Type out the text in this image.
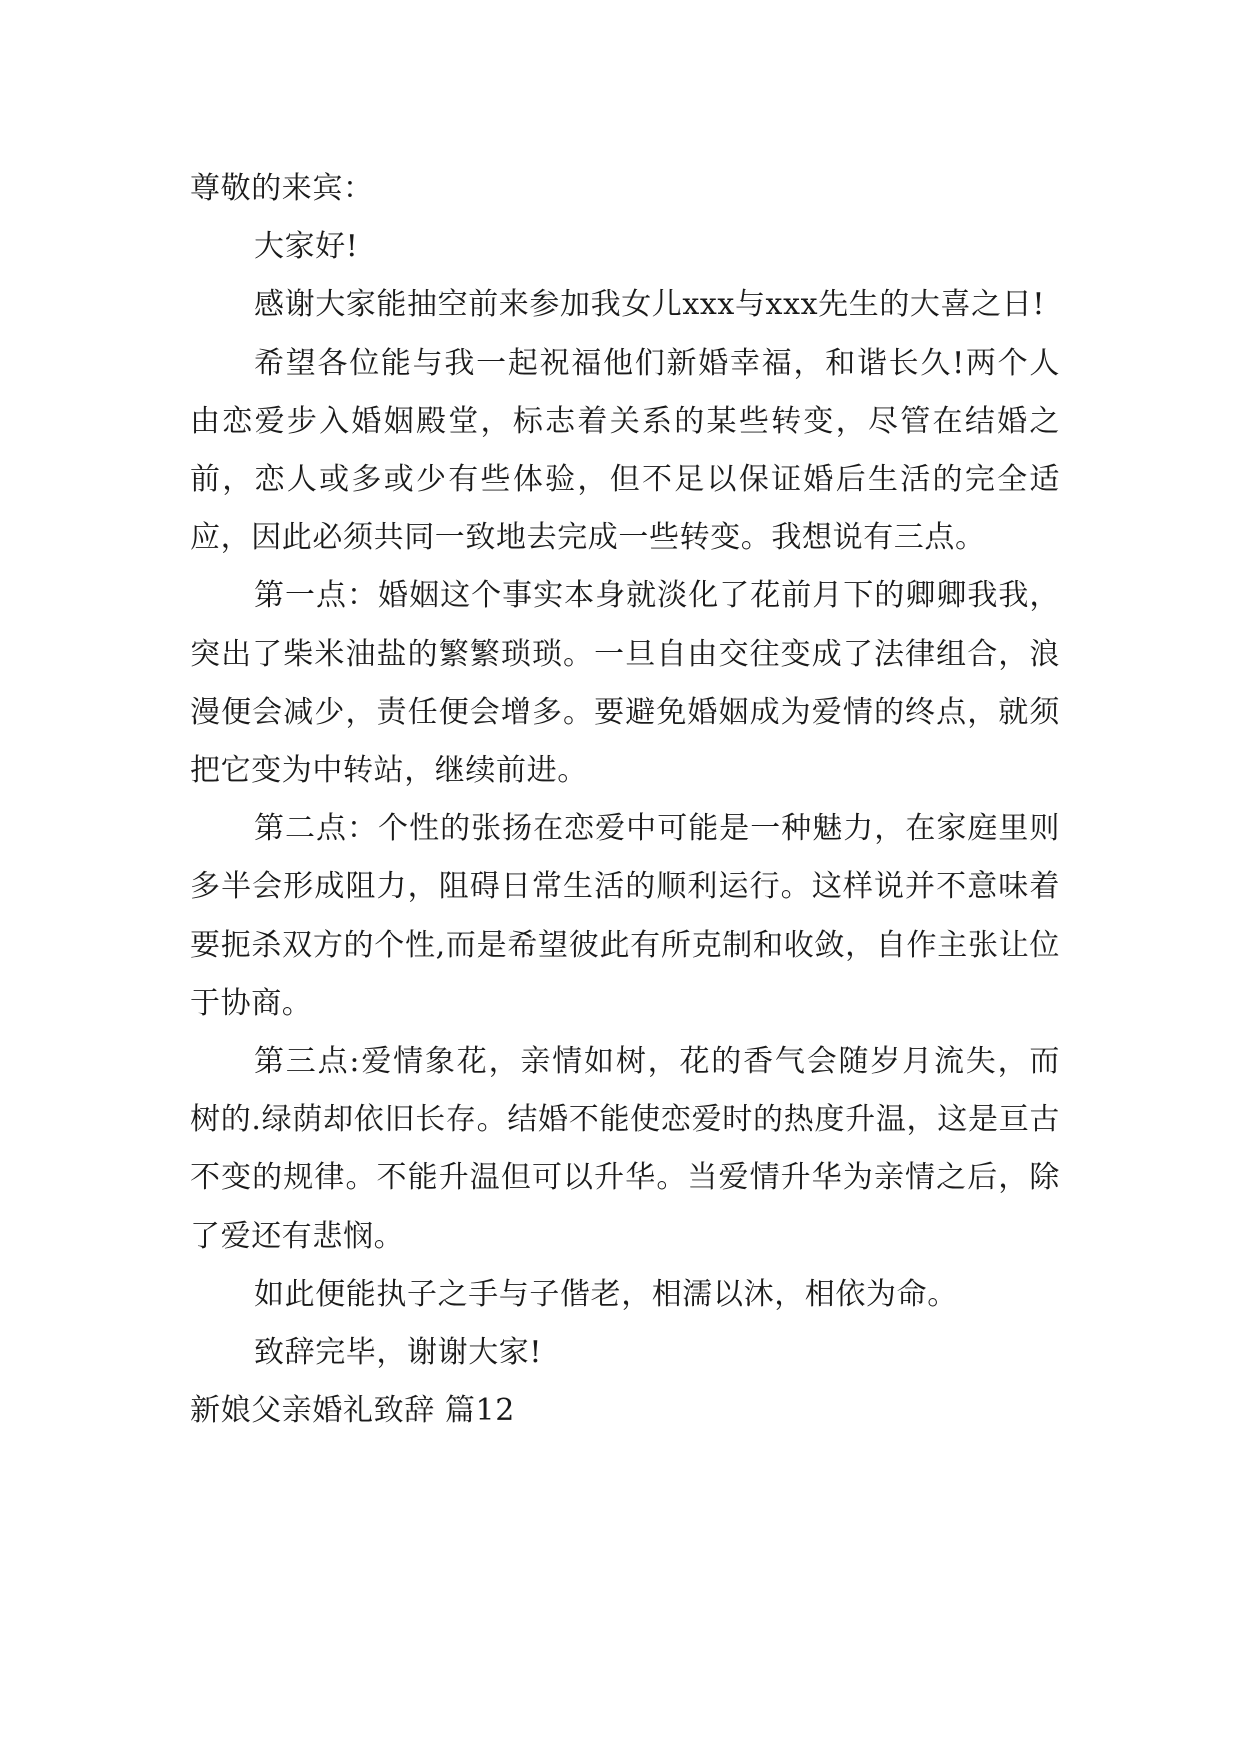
尊敬的来宾：

大家好!

感谢大家能抽空前来参加我女儿xxx与xxx先生的大喜之日!

希望各位能与我一起祝福他们新婚幸福，和谐长久!两个人由恋爱步入婚姻殿堂，标志着关系的某些转变，尽管在结婚之前，恋人或多或少有些体验，但不足以保证婚后生活的完全适应，因此必须共同一致地去完成一些转变。我想说有三点。

第一点：婚姻这个事实本身就淡化了花前月下的卿卿我我，突出了柴米油盐的繁繁琐琐。一旦自由交往变成了法律组合，浪漫便会减少，责任便会增多。要避免婚姻成为爱情的终点，就须把它变为中转站，继续前进。

第二点：个性的张扬在恋爱中可能是一种魅力，在家庭里则多半会形成阻力，阻碍日常生活的顺利运行。这样说并不意味着要扼杀双方的个性,而是希望彼此有所克制和收敛，自作主张让位于协商。

第三点:爱情象花，亲情如树，花的香气会随岁月流失，而树的.绿荫却依旧长存。结婚不能使恋爱时的热度升温，这是亘古不变的规律。不能升温但可以升华。当爱情升华为亲情之后，除了爱还有悲悯。

如此便能执子之手与子偕老，相濡以沐，相依为命。

致辞完毕，谢谢大家!

新娘父亲婚礼致辞 篇12
